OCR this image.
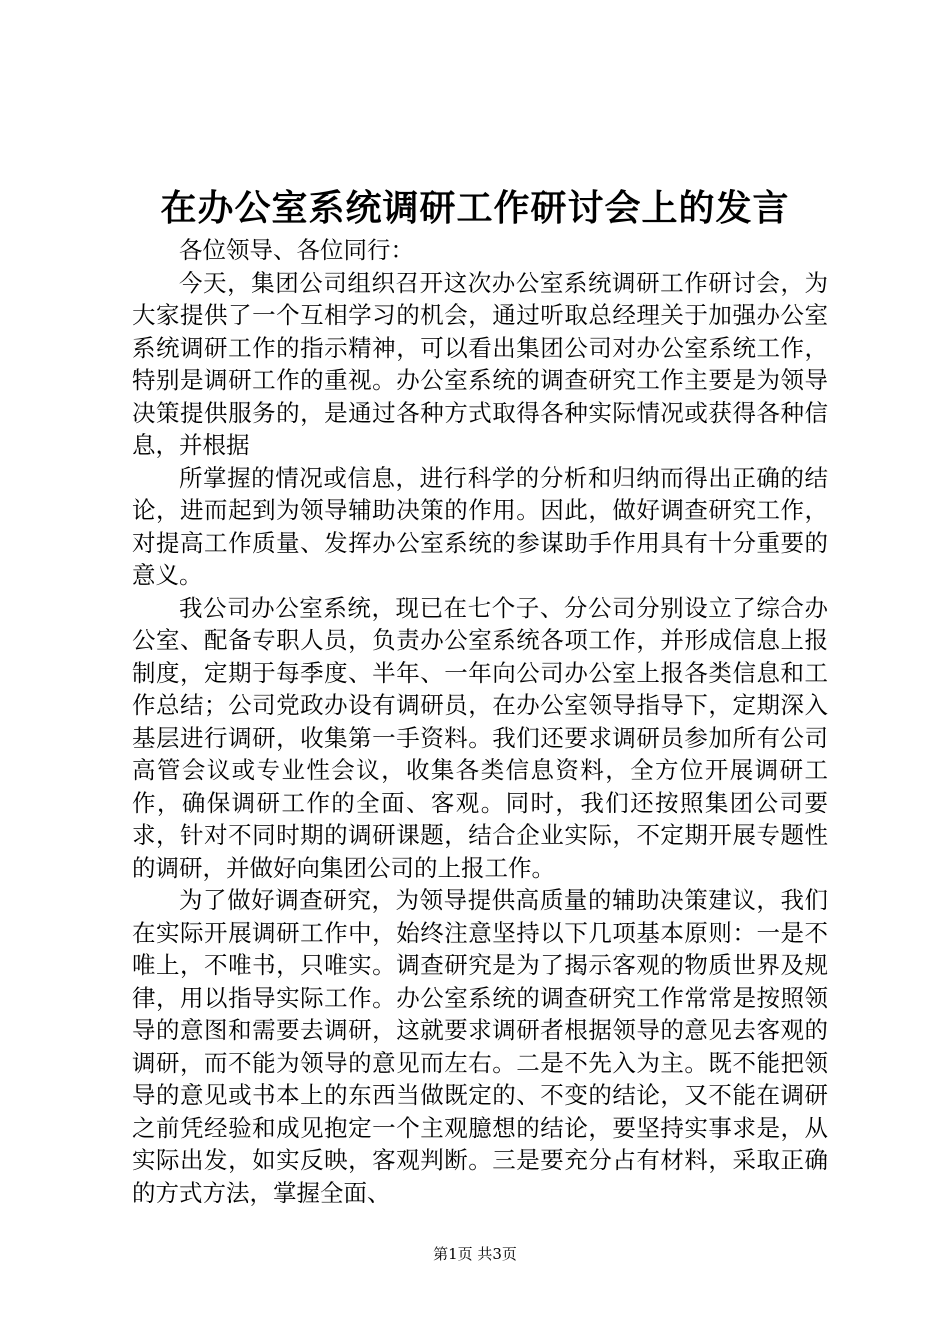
在办公室系统调研工作研讨会上的发言

各位领导、各位同行：

今天，集团公司组织召开这次办公室系统调研工作研讨会，为大家提供了一个互相学习的机会，通过听取总经理关于加强办公室系统调研工作的指示精神，可以看出集团公司对办公室系统工作，特别是调研工作的重视。办公室系统的调查研究工作主要是为领导决策提供服务的，是通过各种方式取得各种实际情况或获得各种信息，并根据

所掌握的情况或信息，进行科学的分析和归纳而得出正确的结论，进而起到为领导辅助决策的作用。因此，做好调查研究工作，对提高工作质量、发挥办公室系统的参谋助手作用具有十分重要的意义。

我公司办公室系统，现已在七个子、分公司分别设立了综合办公室、配备专职人员，负责办公室系统各项工作，并形成信息上报制度，定期于每季度、半年、一年向公司办公室上报各类信息和工作总结；公司党政办设有调研员，在办公室领导指导下，定期深入基层进行调研，收集第一手资料。我们还要求调研员参加所有公司高管会议或专业性会议，收集各类信息资料，全方位开展调研工作，确保调研工作的全面、客观。同时，我们还按照集团公司要求，针对不同时期的调研课题，结合企业实际，不定期开展专题性的调研，并做好向集团公司的上报工作。

为了做好调查研究，为领导提供高质量的辅助决策建议，我们在实际开展调研工作中，始终注意坚持以下几项基本原则：一是不唯上，不唯书，只唯实。调查研究是为了揭示客观的物质世界及规律，用以指导实际工作。办公室系统的调查研究工作常常是按照领导的意图和需要去调研，这就要求调研者根据领导的意见去客观的调研，而不能为领导的意见而左右。二是不先入为主。既不能把领导的意见或书本上的东西当做既定的、不变的结论，又不能在调研之前凭经验和成见抱定一个主观臆想的结论，要坚持实事求是，从实际出发，如实反映，客观判断。三是要充分占有材料，采取正确的方式方法，掌握全面、

第1页 共3页
